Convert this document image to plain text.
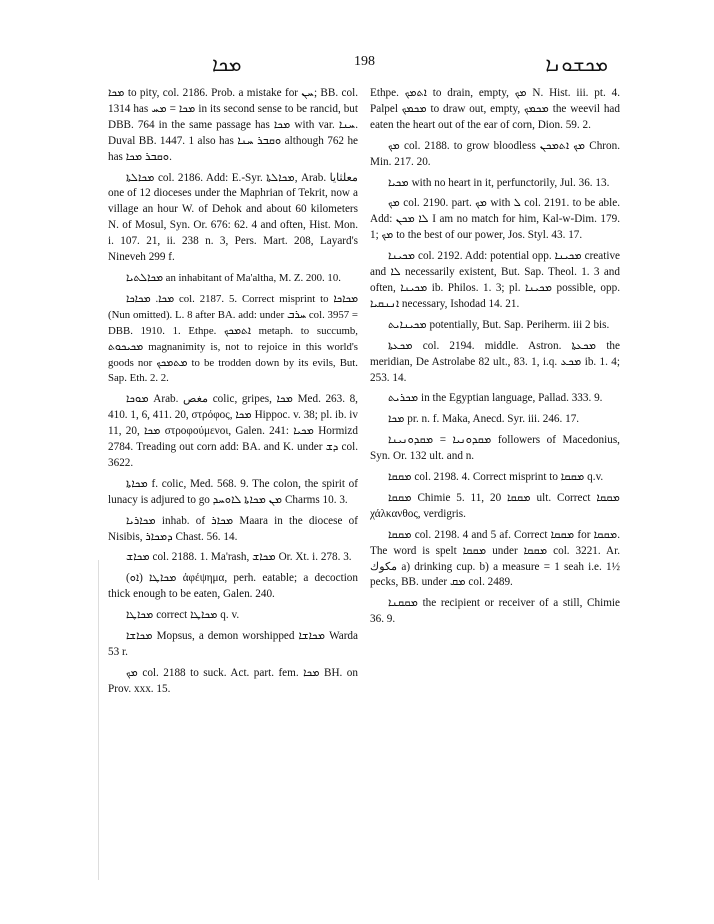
ܡܟܐ	198	ܡܟܫܘܢܐ

ܡܟܐ to pity, col. 2186. Prob. a mistake for ܚܢ; BB. col. 1314 has ܡܟܐ = ܡܚ in its second sense to be rancid, but DBB. 764 in the same passage has ܡܟܐ with var. ܚܢܐ. Duval BB. 1447. 1 also has ܘܩܒܪ ܚܢܐ although 762 he has ܘܩܒܪ ܡܟܐ.

ܡܟܐܠܬܐ col. 2186. Add: E.-Syr. ܡܟܐܠܬܐ, Arab. معلثايا one of 12 dioceses under the Maphrian of Tekrit, now a village an hour W. of Dehok and about 60 kilometers N. of Mosul, Syn. Or. 676: 62. 4 and often, Hist. Mon. i. 107. 21, ii. 238 n. 3, Pers. Mart. 208, Layard's Nineveh 299 f.

ܡܟܐܠܬܝܐ an inhabitant of Ma'altha, M. Z. 200. 10.

ܡܟܐ. ܡܟܐܟܐ col. 2187. 5. Correct misprint to ܡܟܐܟܐ (Nun omitted). L. 8 after BA. add: under ܚܪܒ col. 3957 = DBB. 1910. 1. Ethpe. ܐܬܡܟܟ metaph. to succumb, ܡܟܝܟܘܬ magnanimity is, not to rejoice in this world's goods nor ܡܬܡܟܟ to be trodden down by its evils, But. Sap. Eth. 2. 2.

ܡܘܟܐ Arab. مغص colic, gripes, ܡܟܐ Med. 263. 8, 410. 1, 6, 411. 20, στρόφος, ܡܟܐ Hippoc. v. 38; pl. ib. iv 11, 20, ܡܟܐ στροφούμενοι, Galen. 241: ܡܟܝܐ Hormizd 2784. Treading out corn add: BA. and K. under ܕܫ col. 3622.

ܡܟܐܬܐ f. colic, Med. 568. 9. The colon, the spirit of lunacy is adjured to go ܡܢ ܡܟܐܬܐ ܠܐܘܚܕ Charms 10. 3.

ܡܟܐܪܝܐ inhab. of ܡܟܐܪ Maara in the diocese of Nisibis, ܕܡܟܐܪ Chast. 56. 14.

ܡܟܐܫ col. 2188. 1. Ma'rash, ܡܟܐܫ Or. Xt. i. 278. 3.

ܡܟܐܛܐ (ܐܘ) ἀφέψημα, perh. eatable; a decoction thick enough to be eaten, Galen. 240.

ܡܟܐܛܐ correct ܡܟܐܛܐ q. v.

ܡܟܐܫܐ Mopsus, a demon worshipped ܡܟܐܫܐ Warda 53 r.

ܡܟ col. 2188 to suck. Act. part. fem. ܡܟܐ BH. on Prov. xxx. 15.

Ethpe. ܐܬܡܟ to drain, empty, ܡܟ N. Hist. iii. pt. 4. Palpel ܡܟܡܟ to draw out, empty, ܡܟܡܟ the weevil had eaten the heart out of the ear of corn, Dion. 59. 2.

ܡܟ col. 2188. to grow bloodless ܡܟ ܐܬܡܟܢ Chron. Min. 217. 20.

ܡܟܝܐ with no heart in it, perfunctorily, Jul. 36. 13.

ܡܟ col. 2190. part. ܡܟ with ܠ col. 2191. to be able. Add: ܠܐ ܡܟܢ I am no match for him, Kal-w-Dim. 179. 1; ܡܟ to the best of our power, Jos. Styl. 43. 17.

ܡܟܝܢܐ col. 2192. Add: potential opp. ܡܟܝܢܐ creative and ܠܐ necessarily existent, But. Sap. Theol. 1. 3 and often, ܡܟܝܢܐ ib. Philos. 1. 3; pl. ܡܟܝܢܐ possible, opp. ܐܢܢܩܝܐ necessary, Ishodad 14. 21.

ܡܟܝܢܐܝܬ potentially, But. Sap. Periherm. iii 2 bis.

ܡܟܥܬܐ col. 2194. middle. Astron. ܡܟܥܬܐ the meridian, De Astrolabe 82 ult., 83. 1, i.q. ܡܟܥ ib. 1. 4; 253. 14.

ܡܟܪܝܬ in the Egyptian language, Pallad. 333. 9.

ܡܟܐ pr. n. f. Maka, Anecd. Syr. iii. 246. 17.

ܡܩܕܘܢܝܐ = ܡܩܕܘܢܝܢܐ followers of Macedonius, Syn. Or. 132 ult. and n.

ܡܩܩܐ col. 2198. 4. Correct misprint to ܡܩܩܐ q.v.

ܡܩܩܐ Chimie 5. 11, ܡܩܩܐ 20 ult. Correct ܡܩܩܐ χάλκανθος, verdigris.

ܡܩܩܐ col. 2198. 4 and 5 af. Correct ܡܩܩܐ for ܡܩܩܐ. The word is spelt ܡܩܩܐ under ܡܩܩܐ col. 3221. Ar. مكوك a) drinking cup. b) a measure = 1 seah i.e. 1½ pecks, BB. under ܡܩ col. 2489.

ܡܩܩܢܐ the recipient or receiver of a still, Chimie 36. 9.
